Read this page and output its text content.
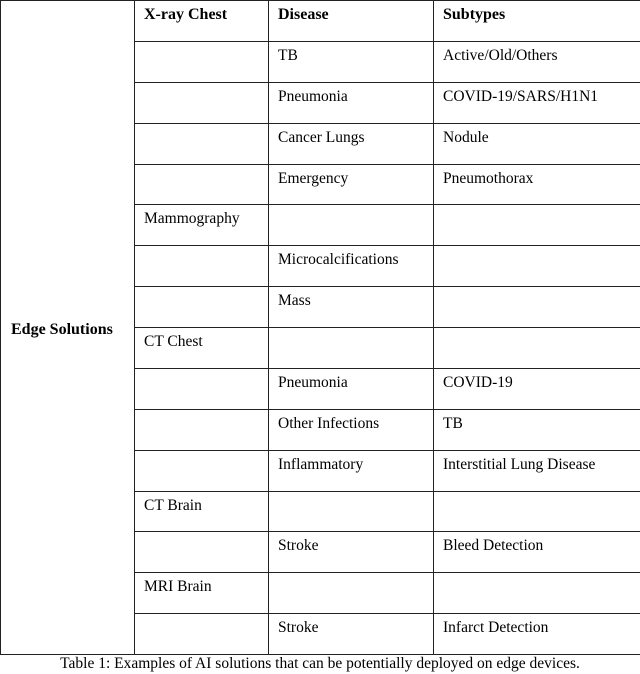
Edge Solutions	X-ray Chest	Disease	Subtypes
		TB	Active/Old/Others
		Pneumonia	COVID-19/SARS/H1N1
		Cancer Lungs	Nodule
		Emergency	Pneumothorax
	Mammography		
		Microcalcifications	
		Mass	
	CT Chest		
		Pneumonia	COVID-19
		Other Infections	TB
		Inflammatory	Interstitial Lung Disease
	CT Brain		
		Stroke	Bleed Detection
	MRI Brain		
		Stroke	Infarct Detection
Table 1: Examples of AI solutions that can be potentially deployed on edge devices.
